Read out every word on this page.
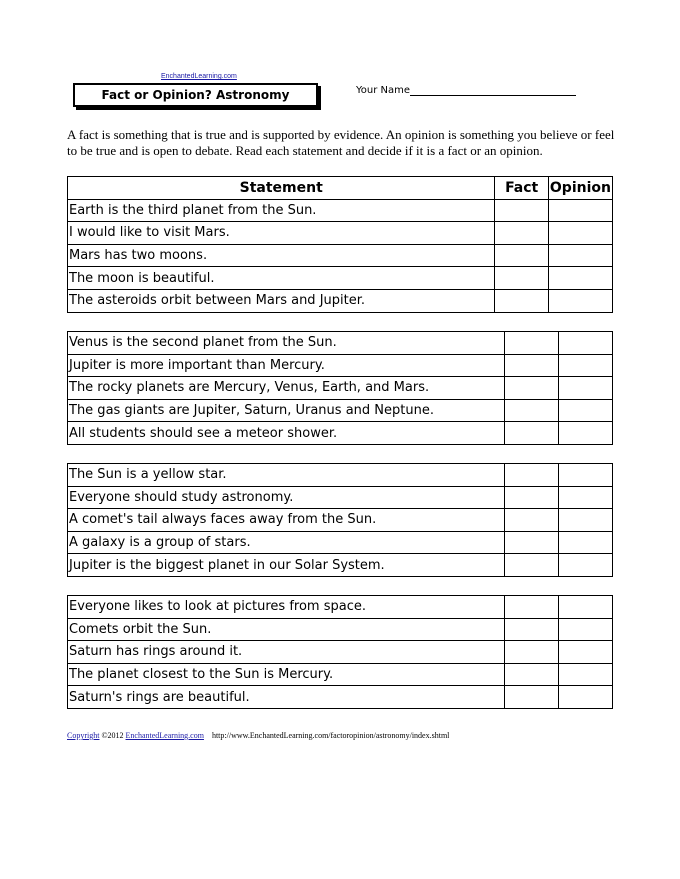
EnchantedLearning.com
Fact or Opinion? Astronomy	Your Name
A fact is something that is true and is supported by evidence. An opinion is something you believe or feel to be true and is open to debate. Read each statement and decide if it is a fact or an opinion.
Statement	Fact	Opinion
Earth is the third planet from the Sun.		
I would like to visit Mars.		
Mars has two moons.		
The moon is beautiful.		
The asteroids orbit between Mars and Jupiter.		
Venus is the second planet from the Sun.		
Jupiter is more important than Mercury.		
The rocky planets are Mercury, Venus, Earth, and Mars.		
The gas giants are Jupiter, Saturn, Uranus and Neptune.		
All students should see a meteor shower.		
The Sun is a yellow star.		
Everyone should study astronomy.		
A comet's tail always faces away from the Sun.		
A galaxy is a group of stars.		
Jupiter is the biggest planet in our Solar System.		
Everyone likes to look at pictures from space.		
Comets orbit the Sun.		
Saturn has rings around it.		
The planet closest to the Sun is Mercury.		
Saturn's rings are beautiful.		
Copyright ©2012 EnchantedLearning.com http://www.EnchantedLearning.com/factoropinion/astronomy/index.shtml
